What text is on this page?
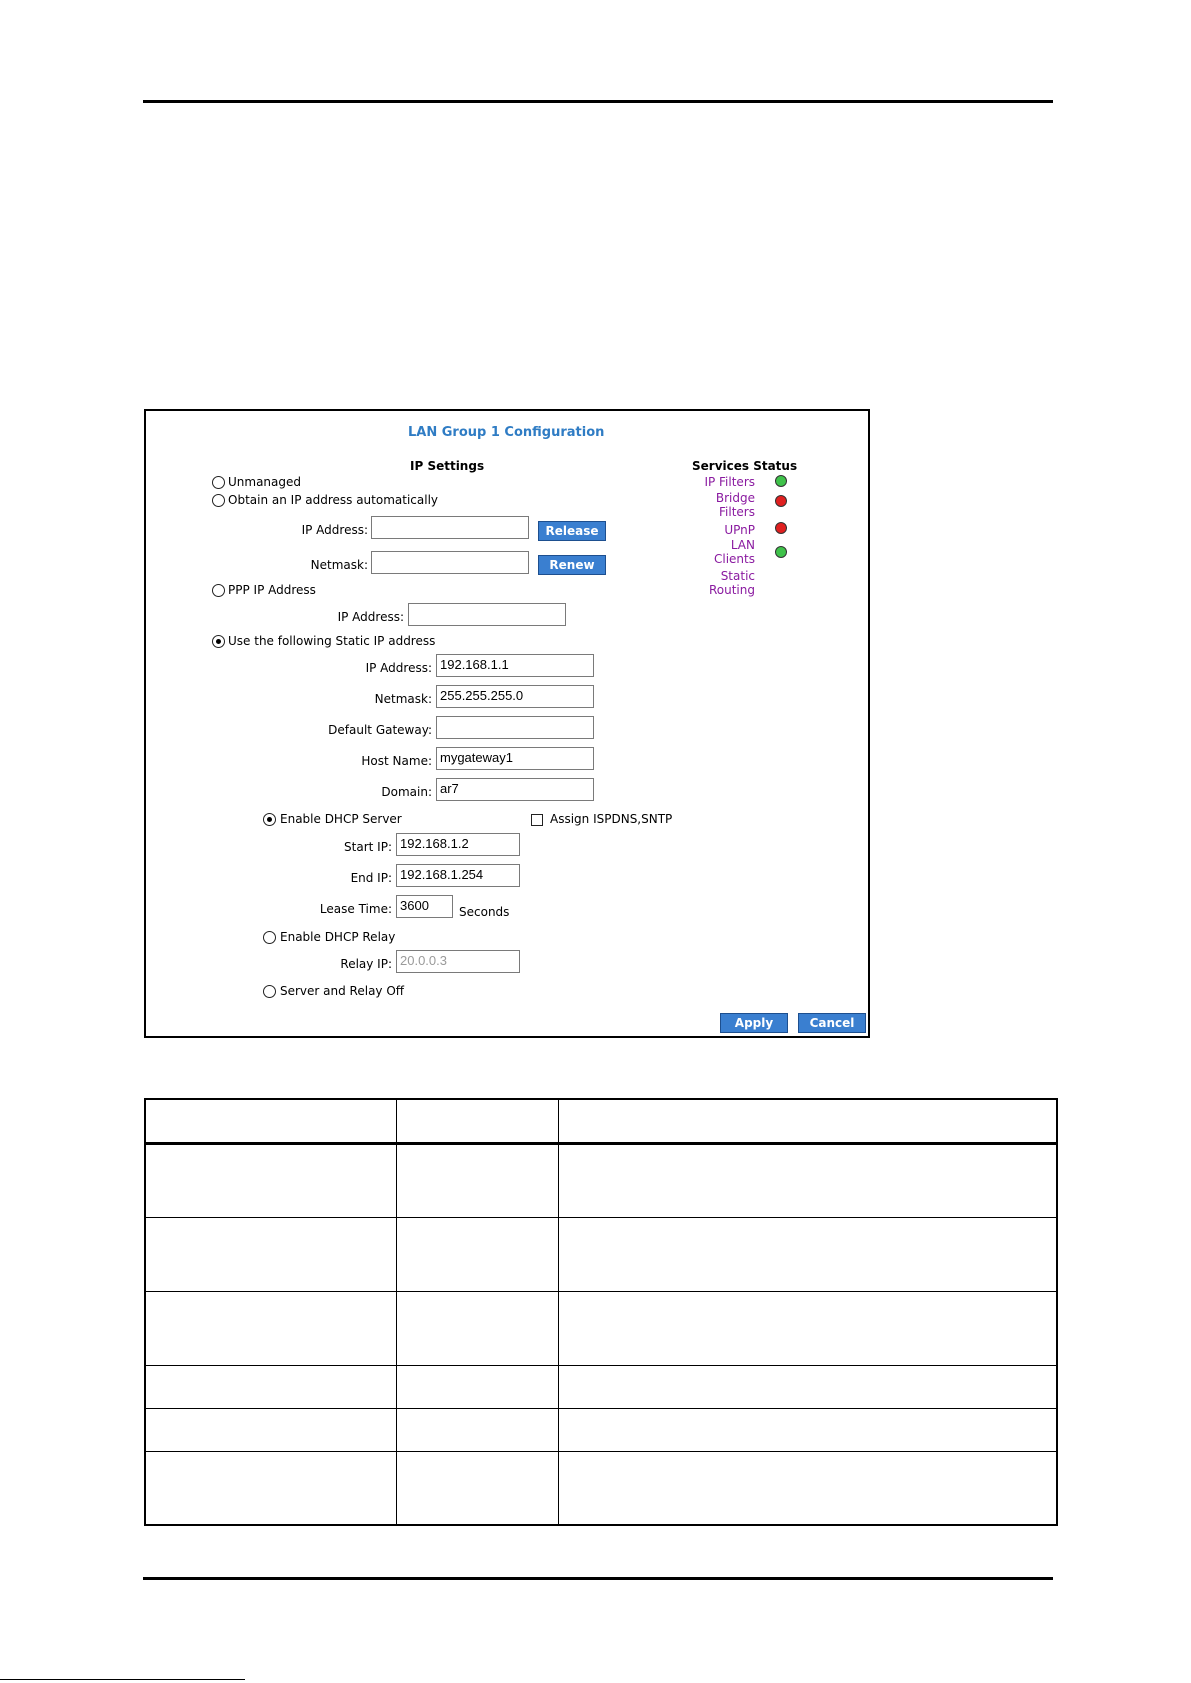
LAN Group 1 Configuration
IP Settings	Services Status
Unmanaged
Obtain an IP address automatically
IP Address:	Release
Netmask:	Renew
PPP IP Address
IP Address:
Use the following Static IP address
IP Address: 192.168.1.1
Netmask: 255.255.255.0
Default Gateway:
Host Name: mygateway1
Domain: ar7
Enable DHCP Server	Assign ISPDNS,SNTP
Start IP: 192.168.1.2
End IP: 192.168.1.254
Lease Time: 3600	Seconds
Enable DHCP Relay
Relay IP: 20.0.0.3
Server and Relay Off
IP Filters
Bridge
Filters
UPnP
LAN
Clients
Static
Routing
Apply	Cancel
